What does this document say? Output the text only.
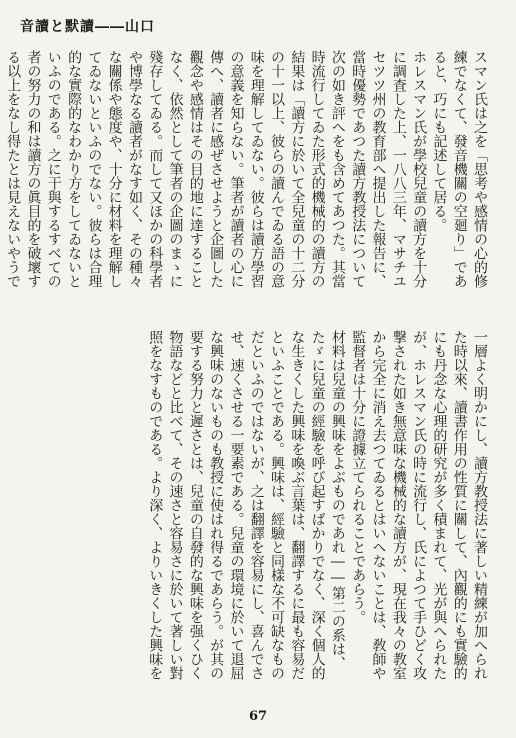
音讀と默讀――山口
スマン氏は之を「思考や感情の心的修練でなくて、發音機關の空廻り」であると、巧にも記述して居る。
ホレスマン氏が學校兒童の讀方を十分に調査した上、一八八三年、マサチユセツツ州の教育部へ提出した報告に、當時優勢であつた讀方教授法について次の如き評へをも含めてあつた。其當時流行してゐた形式的機械的の讀方の結果は「讀方に於いて全兒童の十二分の十一以上、彼らの讀んでゐる語の意味を理解してゐない。彼らは讀方學習の意義を知らない。筆者が讀者の心に傳へ、讀者に感ぜさせようと企圖した觀念や感情はその目的地に達することなく、依然として筆者の企圖のまゝに殘存してゐる。而して又ほかの科學者や博學なる讀者がなす如く、その種々な關係や態度や、十分に材料を理解してゐないといふのでない。彼らは合理的な實際的なわかり方をしてゐないといふのである。之に干與するすべての者の努力の和は讀方の眞目的を破壞する以上をなし得たとは見えないやうで

一層よく明かにし、讀方教授法に著しい精練が加へられた時以來、讀書作用の性質に關して、內觀的にも實驗的にも丹念な心理的研究が多く積まれて、光が與へられたが、ホレスマン氏の時に流行し、氏によつて手ひどく攻撃された如き無意味な機械的な讀方が、現在我々の教室から完全に消え去つてゐるとはいへないことは、敎師や監督者は十分に證據立てられることであらう。
材料は兒童の興味をよぶものであれ――第二の系は、たゞに兒童の經驗を呼び起すばかりでなく、深く個人的な生きくした興味を喚ぶ言葉は、翻譯するに最も容易だといふことである。興味は、經驗と同樣な不可缺なものだといふのではないが、之は翻譯を容易にし、喜んでさせ、速くさせる一要素である。兒童の環境に於いて退屈な興味のないものも教授に使はれ得るであらう。が其の要する努力と遲さとは、兒童の自發的な興味を强くひく物語などと比べて、その速さと容易さに於いて著しい對照をなすものである。より深く、よりいきくした興味を
67
